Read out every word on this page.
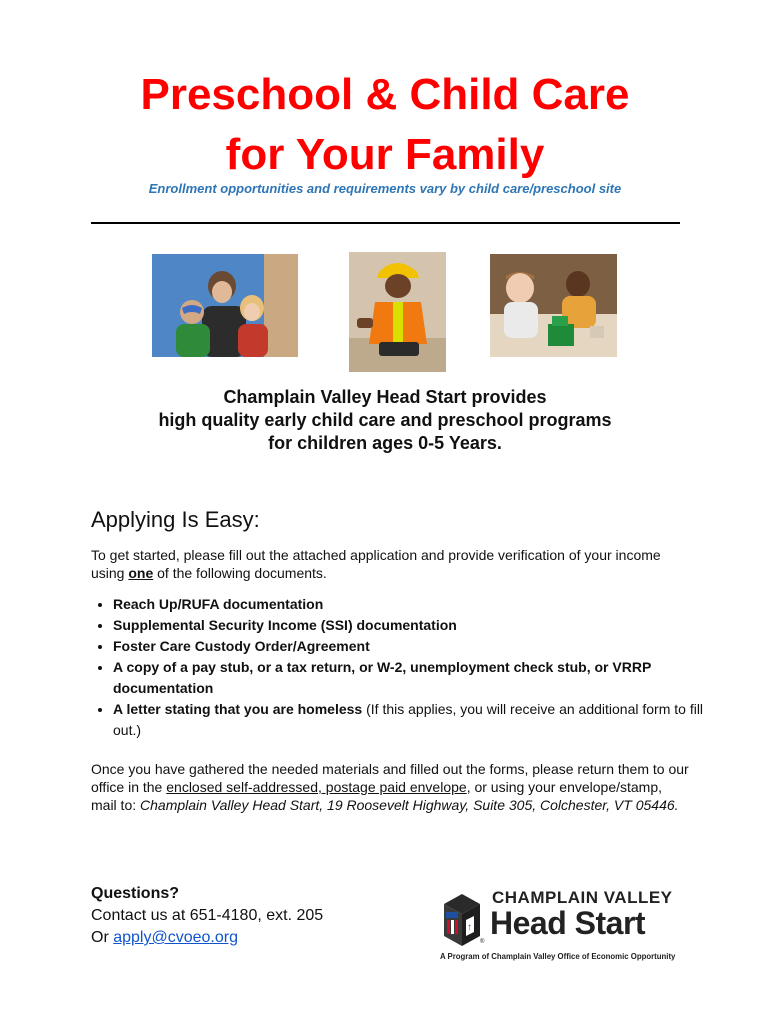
Preschool & Child Care
for Your Family
Enrollment opportunities and requirements vary by child care/preschool site
Champlain Valley Head Start provides
high quality early child care and preschool programs
for children ages 0-5 Years.
Applying Is Easy:

To get started, please fill out the attached application and provide verification of your income using one of the following documents.

• Reach Up/RUFA documentation
• Supplemental Security Income (SSI) documentation
• Foster Care Custody Order/Agreement
• A copy of a pay stub, or a tax return, or W-2, unemployment check stub, or VRRP documentation
• A letter stating that you are homeless (If this applies, you will receive an additional form to fill out.)

Once you have gathered the needed materials and filled out the forms, please return them to our office in the enclosed self-addressed, postage paid envelope, or using your envelope/stamp, mail to: Champlain Valley Head Start, 19 Roosevelt Highway, Suite 305, Colchester, VT 05446.

Questions?
Contact us at 651-4180, ext. 205
Or apply@cvoeo.org
↑
®
CHAMPLAIN VALLEY
Head Start
A Program of Champlain Valley Office of Economic Opportunity
